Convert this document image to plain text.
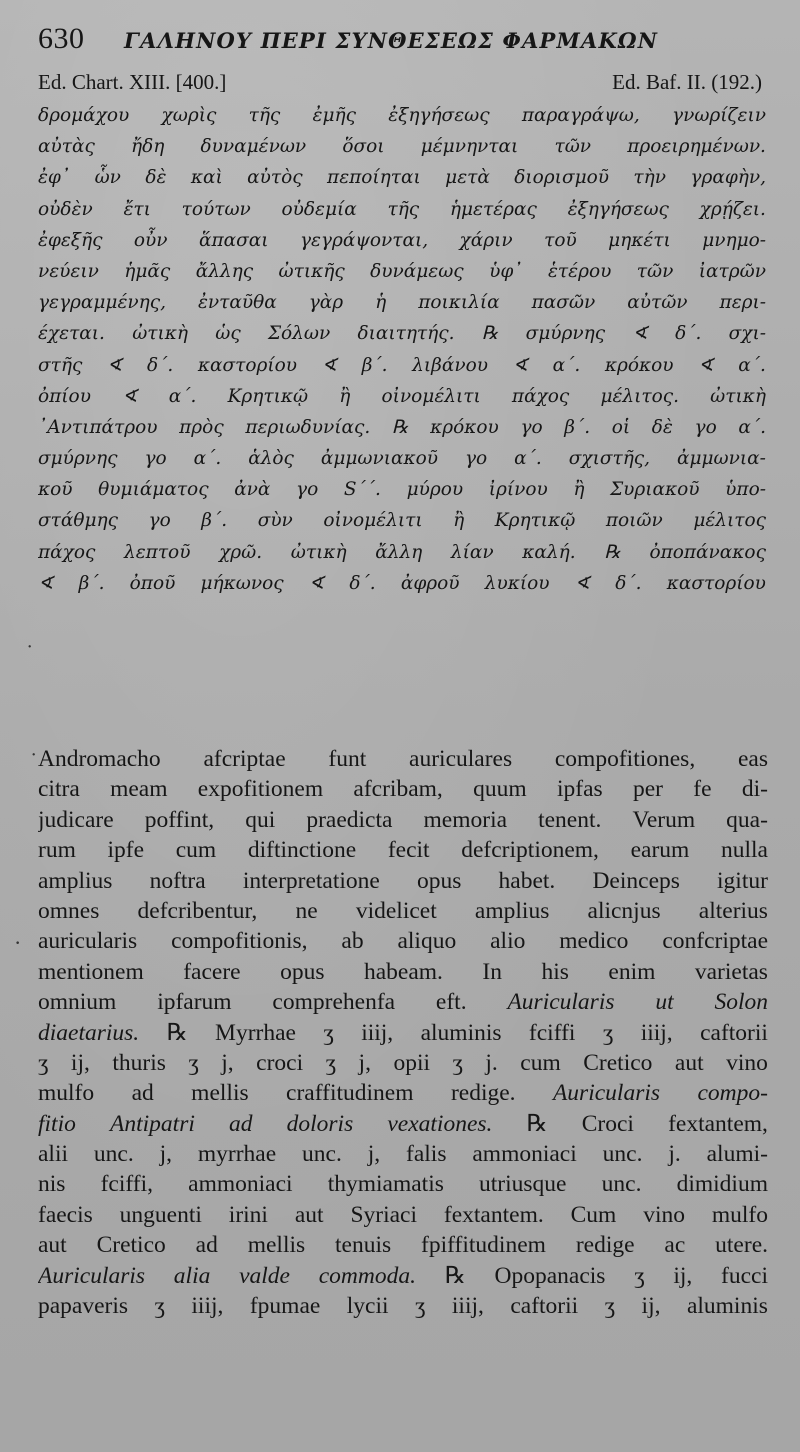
630	ΓΑΛΗΝΟΥ ΠΕΡΙ ΣΥΝΘΕΣΕΩΣ ΦΑΡΜΑΚΩΝ
Ed. Chart. XIII. [400.]	Ed. Baf. II. (192.)
δρομάχου χωρὶς τῆς ἐμῆς ἐξηγήσεως παραγράψω, γνωρίζειν
αὐτὰς ἤδη δυναμένων ὅσοι μέμνηνται τῶν προειρημένων.
ἐφ᾽ ὧν δὲ καὶ αὐτὸς πεποίηται μετὰ διορισμοῦ τὴν γραφὴν,
οὐδὲν ἔτι τούτων οὐδεμία τῆς ἡμετέρας ἐξηγήσεως χρῄζει.
ἐφεξῆς οὖν ἅπασαι γεγράψονται, χάριν τοῦ μηκέτι μνημο-
νεύειν ἡμᾶς ἄλλης ὠτικῆς δυνάμεως ὑφ᾽ ἑτέρου τῶν ἰατρῶν
γεγραμμένης, ἐνταῦθα γὰρ ἡ ποικιλία πασῶν αὐτῶν περι-
έχεται. ὠτικὴ ὡς Σόλων διαιτητής. ℞ σμύρνης ∢ δ΄. σχι-
στῆς ∢ δ΄. καστορίου ∢ β΄. λιβάνου ∢ α΄. κρόκου ∢ α΄.
ὀπίου ∢ α΄. Κρητικῷ ἢ οἰνομέλιτι πάχος μέλιτος. ὠτικὴ
᾽Αντιπάτρου πρὸς περιωδυνίας. ℞ κρόκου γο β΄. οἱ δὲ γο α΄.
σμύρνης γο α΄. ἁλὸς ἀμμωνιακοῦ γο α΄. σχιστῆς, ἀμμωνια-
κοῦ θυμιάματος ἀνὰ γο S΄΄. μύρου ἰρίνου ἢ Συριακοῦ ὑπο-
στάθμης γο β΄. σὺν οἰνομέλιτι ἢ Κρητικῷ ποιῶν μέλιτος
πάχος λεπτοῦ χρῶ. ὠτικὴ ἄλλη λίαν καλή. ℞ ὀποπάνακος
∢ β΄. ὀποῦ μήκωνος ∢ δ΄. ἀφροῦ λυκίου ∢ δ΄. καστορίου
˙
˙
·
Andromacho afcriptae funt auriculares compofitiones, eas
citra meam expofitionem afcribam, quum ipfas per fe di-
judicare poffint, qui praedicta memoria tenent. Verum qua-
rum ipfe cum diftinctione fecit defcriptionem, earum nulla
amplius noftra interpretatione opus habet. Deinceps igitur
omnes defcribentur, ne videlicet amplius alicnjus alterius
auricularis compofitionis, ab aliquo alio medico confcriptae
mentionem facere opus habeam. In his enim varietas
omnium ipfarum comprehenfa eft. Auricularis ut Solon
diaetarius. ℞ Myrrhae ʒ iiij, aluminis fciffi ʒ iiij, caftorii
ʒ ij, thuris ʒ j, croci ʒ j, opii ʒ j. cum Cretico aut vino
mulfo ad mellis craffitudinem redige. Auricularis compo-
fitio Antipatri ad doloris vexationes. ℞ Croci fextantem,
alii unc. j, myrrhae unc. j, falis ammoniaci unc. j. alumi-
nis fciffi, ammoniaci thymiamatis utriusque unc. dimidium
faecis unguenti irini aut Syriaci fextantem. Cum vino mulfo
aut Cretico ad mellis tenuis fpiffitudinem redige ac utere.
Auricularis alia valde commoda. ℞ Opopanacis ʒ ij, fucci
papaveris ʒ iiij, fpumae lycii ʒ iiij, caftorii ʒ ij, aluminis
